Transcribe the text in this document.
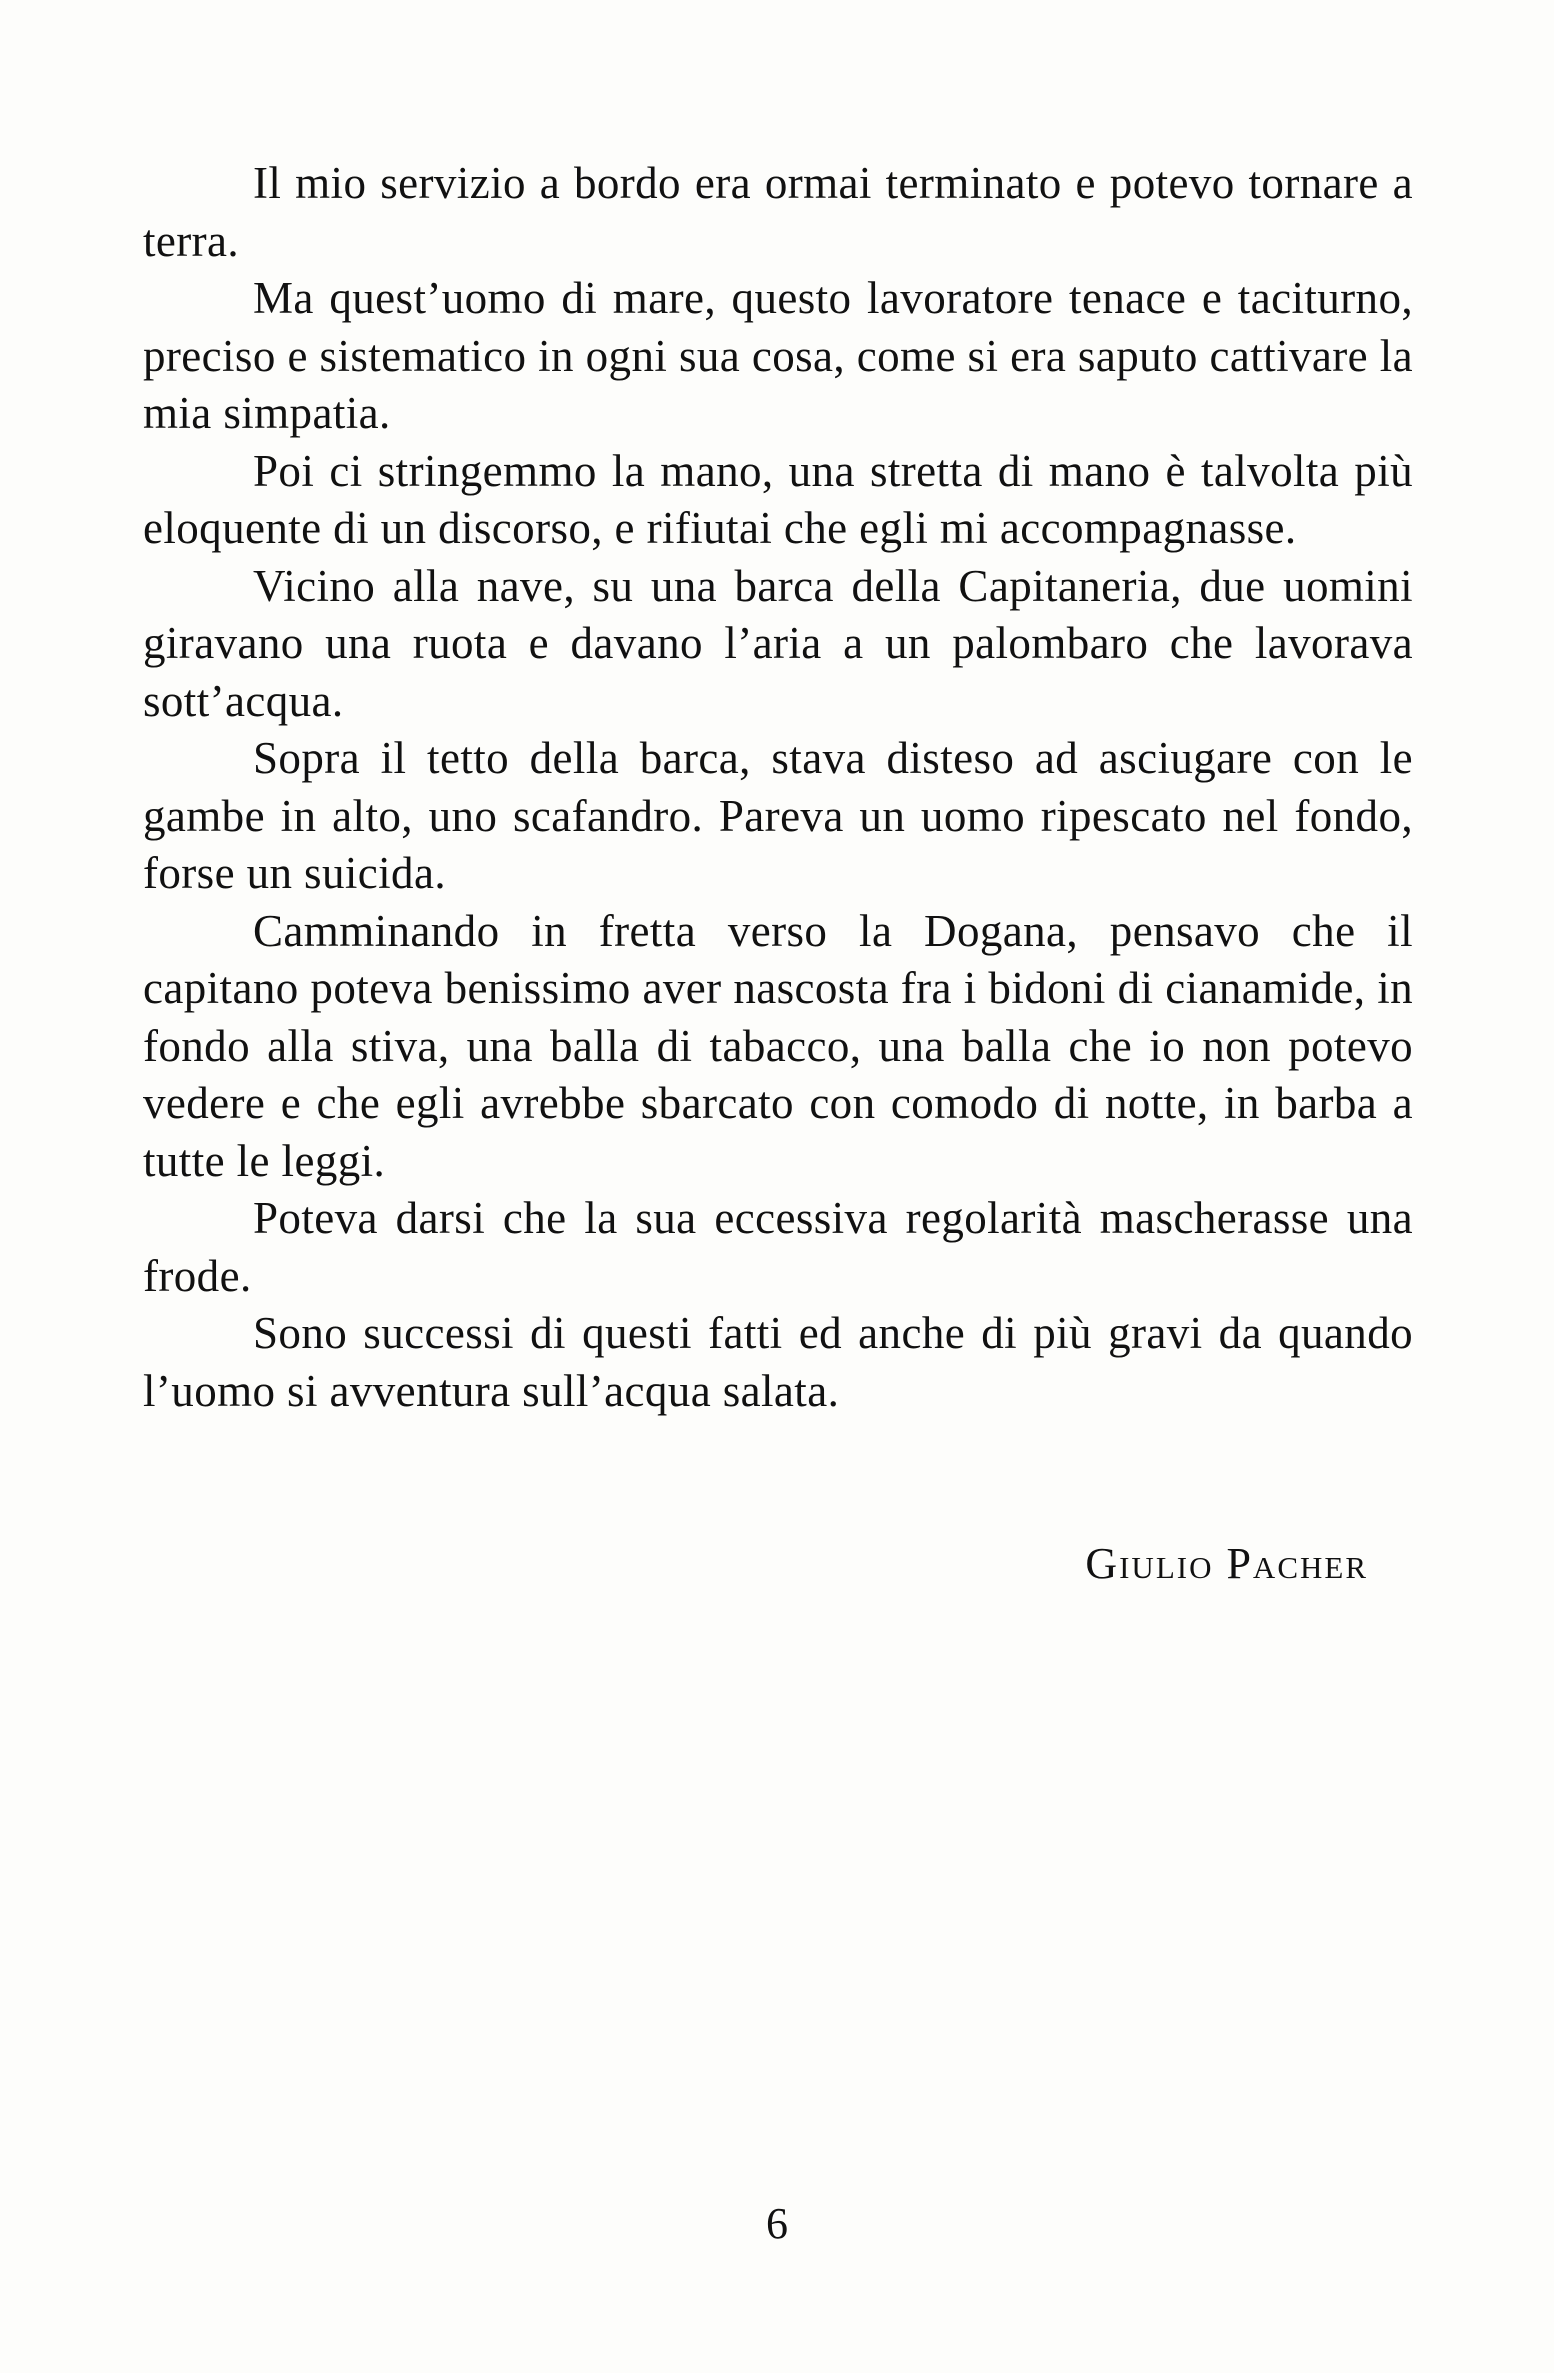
Il mio servizio a bordo era ormai terminato e potevo tornare a terra.

Ma quest’uomo di mare, questo lavoratore tenace e taciturno, preciso e sistematico in ogni sua cosa, come si era saputo cattivare la mia simpatia.

Poi ci stringemmo la mano, una stretta di mano è talvolta più eloquente di un discorso, e rifiutai che egli mi accompagnasse.

Vicino alla nave, su una barca della Capitaneria, due uomini giravano una ruota e davano l’aria a un palombaro che lavorava sott’acqua.

Sopra il tetto della barca, stava disteso ad asciugare con le gambe in alto, uno scafandro. Pareva un uomo ripescato nel fondo, forse un suicida.

Camminando in fretta verso la Dogana, pensavo che il capitano poteva benissimo aver nascosta fra i bidoni di cianamide, in fondo alla stiva, una balla di tabacco, una balla che io non potevo vedere e che egli avrebbe sbarcato con comodo di notte, in barba a tutte le leggi.

Poteva darsi che la sua eccessiva regolarità mascherasse una frode.

Sono successi di questi fatti ed anche di più gravi da quando l’uomo si avventura sull’acqua salata.

Giulio Pacher
6
